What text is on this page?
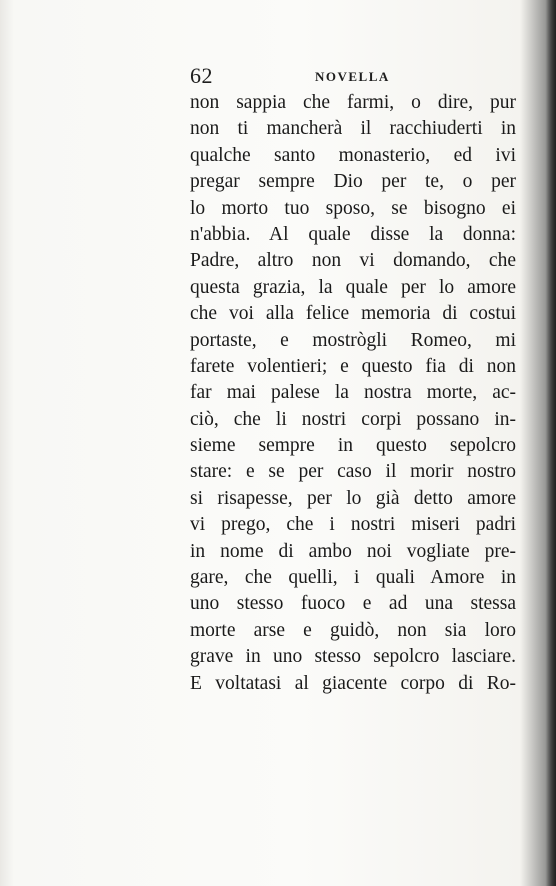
62	NOVELLA
non sappia che farmi, o dire, pur
non ti mancherà il racchiuderti in
qualche santo monasterio, ed ivi
pregar sempre Dio per te, o per
lo morto tuo sposo, se bisogno ei
n'abbia. Al quale disse la donna:
Padre, altro non vi domando, che
questa grazia, la quale per lo amore
che voi alla felice memoria di costui
portaste, e mostrògli Romeo, mi
farete volentieri; e questo fia di non
far mai palese la nostra morte, ac-
ciò, che li nostri corpi possano in-
sieme sempre in questo sepolcro
stare: e se per caso il morir nostro
si risapesse, per lo già detto amore
vi prego, che i nostri miseri padri
in nome di ambo noi vogliate pre-
gare, che quelli, i quali Amore in
uno stesso fuoco e ad una stessa
morte arse e guidò, non sia loro
grave in uno stesso sepolcro lasciare.
E voltatasi al giacente corpo di Ro-
